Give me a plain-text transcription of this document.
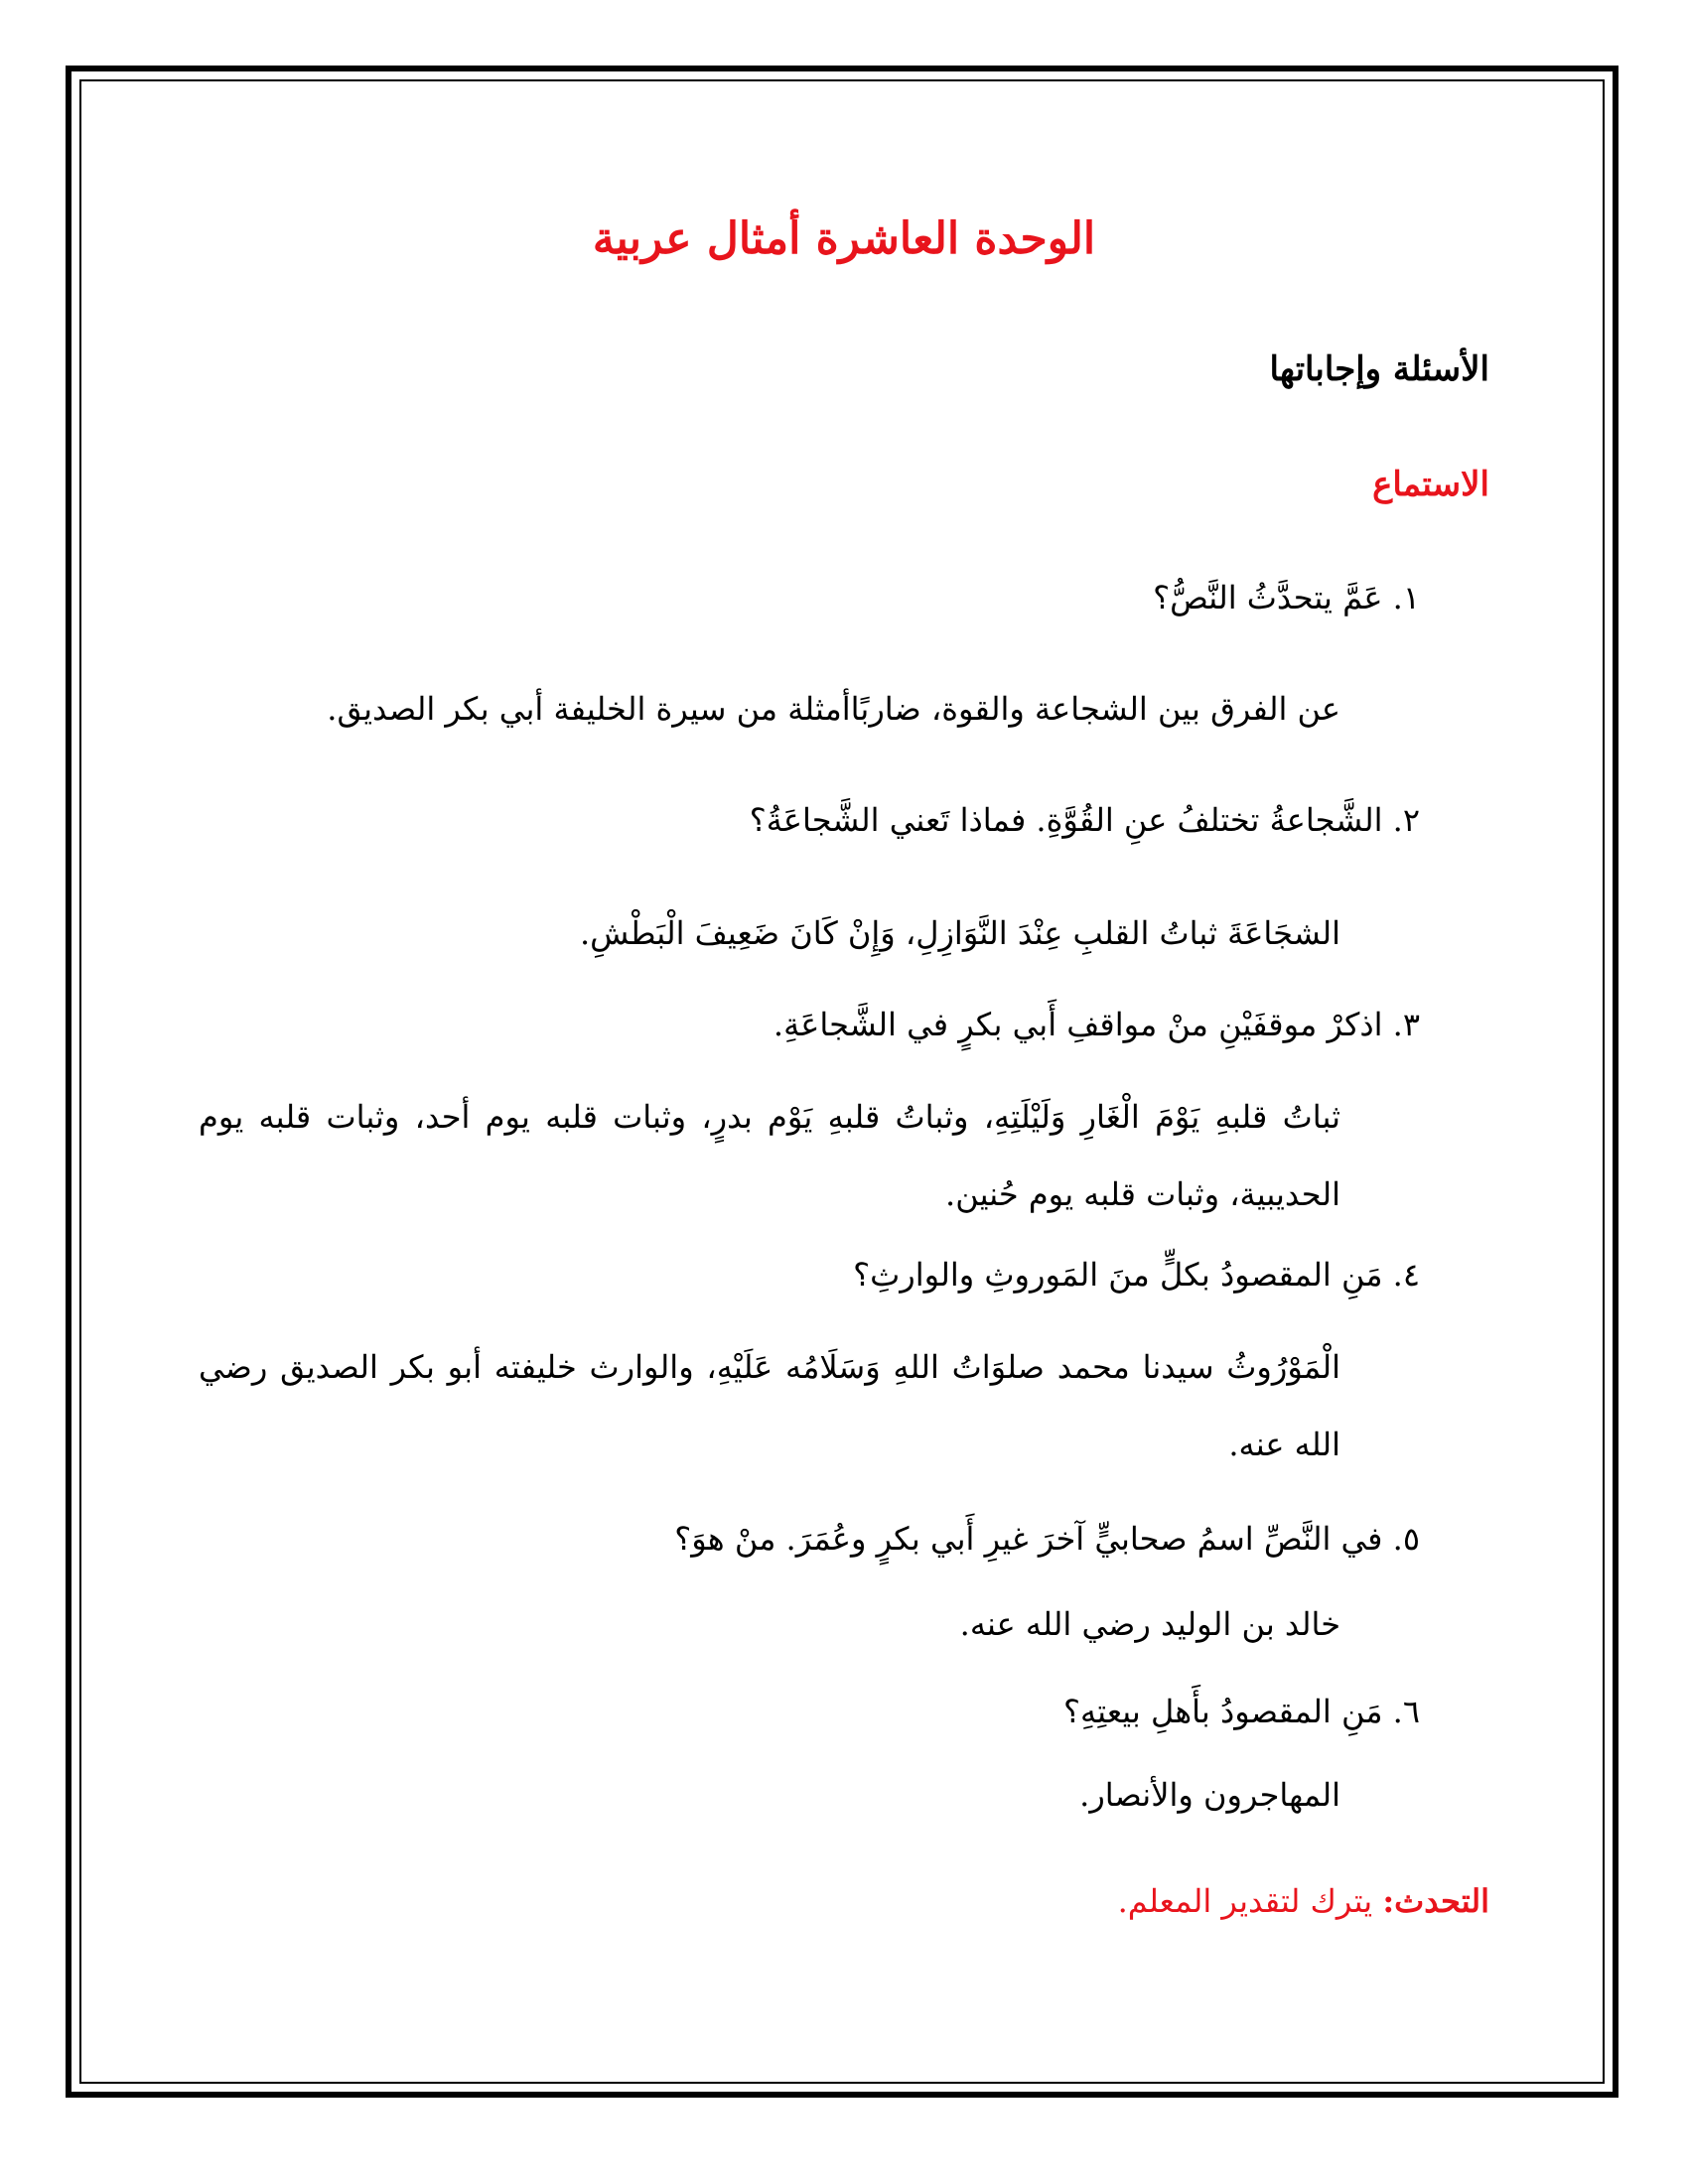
الوحدة العاشرة أمثال عربية
الأسئلة وإجاباتها
الاستماع

١. عَمَّ يتحدَّثُ النَّصُّ؟

عن الفرق بين الشجاعة والقوة، ضاربًاأمثلة من سيرة الخليفة أبي بكر الصديق.

٢. الشَّجاعةُ تختلفُ عنِ القُوَّةِ. فماذا تَعني الشَّجاعَةُ؟

الشجَاعَةَ ثباتُ القلبِ عِنْدَ النَّوَازِلِ، وَإِنْ كَانَ ضَعِيفَ الْبَطْشِ.

٣. اذكرْ موقفَيْنِ منْ مواقفِ أَبي بكرٍ في الشَّجاعَةِ.

ثباتُ قلبهِ يَوْمَ الْغَارِ وَلَيْلَتِهِ، وثباتُ قلبهِ يَوْم بدرٍ، وثبات قلبه يوم أحد، وثبات قلبه يوم الحديبية، وثبات قلبه يوم حُنين.

٤. مَنِ المقصودُ بكلٍّ منَ المَوروثِ والوارثِ؟

الْمَوْرُوثُ سيدنا محمد صلوَاتُ اللهِ وَسَلَامُه عَلَيْهِ، والوارث خليفته أبو بكر الصديق رضي الله عنه.

٥. في النَّصِّ اسمُ صحابيٍّ آخرَ غيرِ أَبي بكرٍ وعُمَرَ. منْ هوَ؟

خالد بن الوليد رضي الله عنه.

٦. مَنِ المقصودُ بأَهلِ بيعتِهِ؟

المهاجرون والأنصار.

التحدث: يترك لتقدير المعلم.
